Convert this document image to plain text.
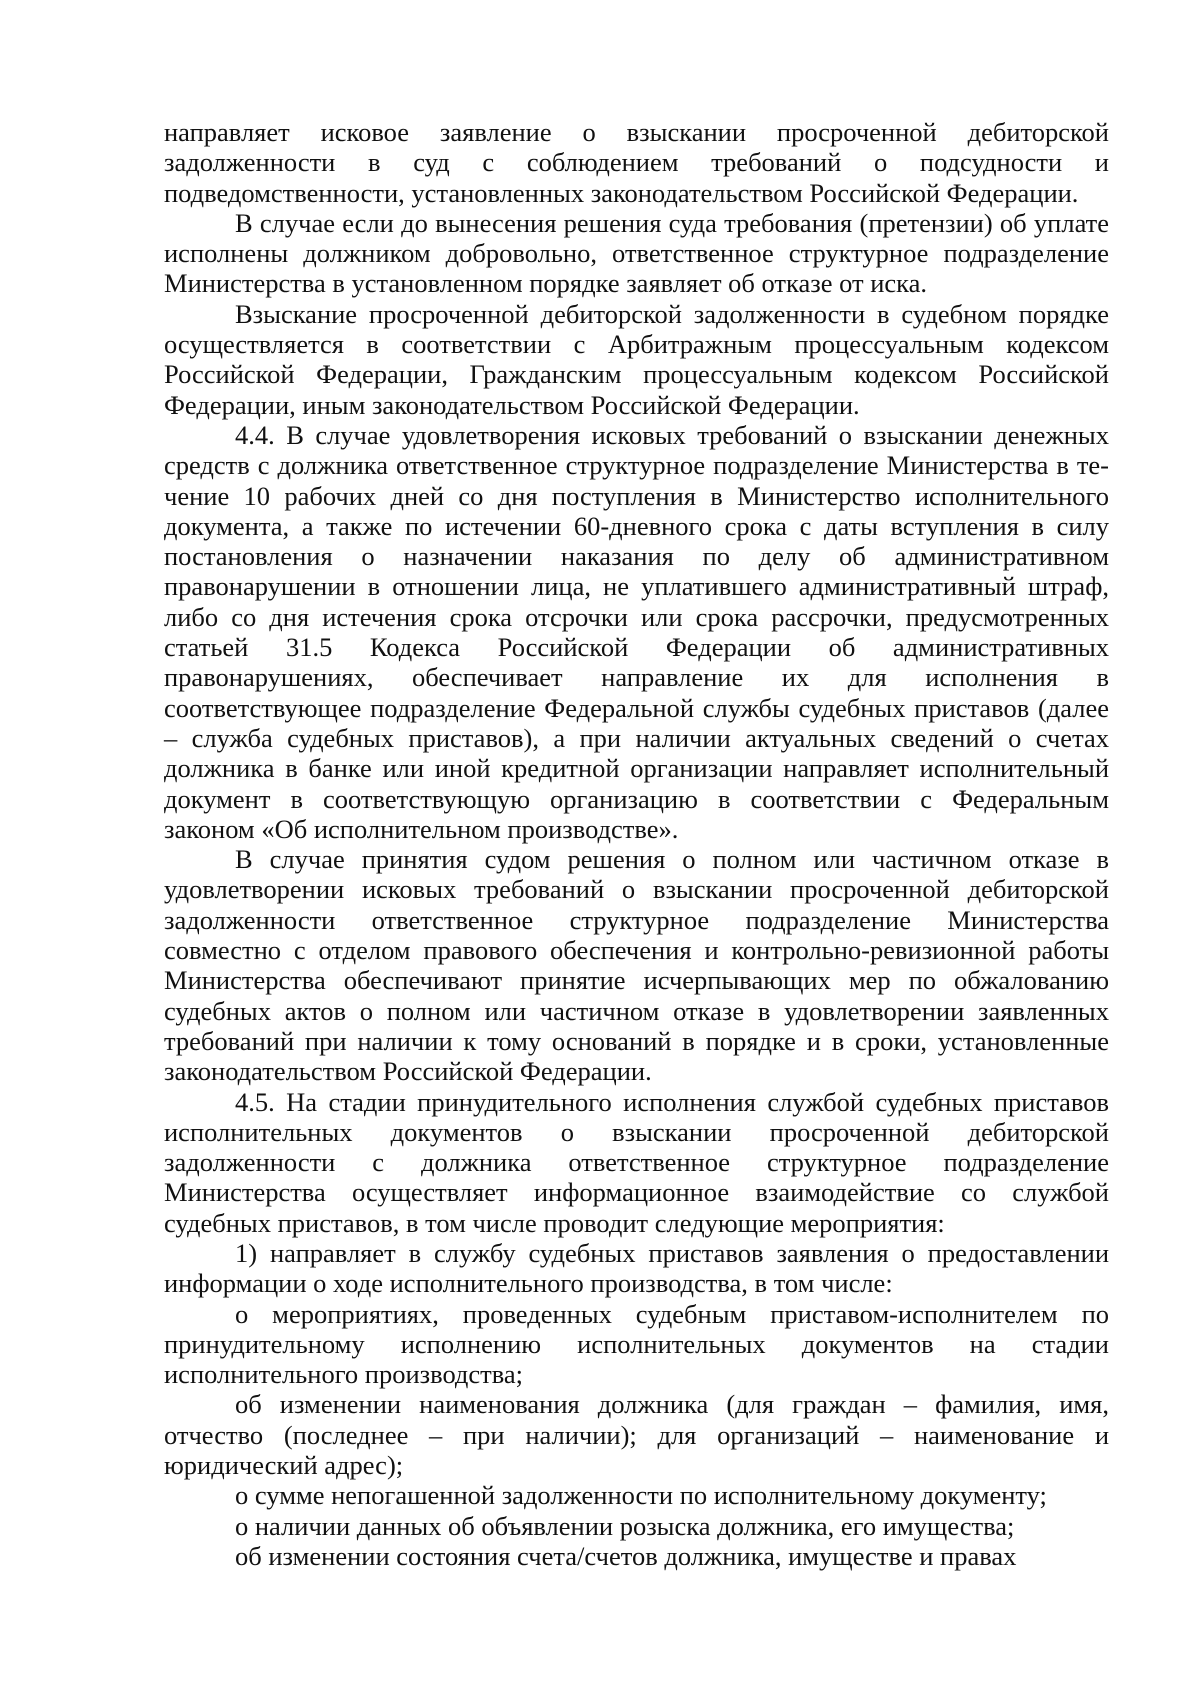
направляет исковое заявление о взыскании просроченной дебиторской задолженности в суд с соблюдением требований о подсудности и подведомственности, установленных законодательством Российской Федерации.

В случае если до вынесения решения суда требования (претензии) об уплате исполнены должником добровольно, ответственное структурное подразделение Министерства в установленном порядке заявляет об отказе от иска.

Взыскание просроченной дебиторской задолженности в судебном порядке осуществляется в соответствии с Арбитражным процессуальным кодексом Российской Федерации, Гражданским процессуальным кодексом Российской Федерации, иным законодательством Российской Федерации.

4.4. В случае удовлетворения исковых требований о взыскании денежных средств с должника ответственное структурное подразделение Министерства в течение 10 рабочих дней со дня поступления в Министерство исполнительного документа, а также по истечении 60-дневного срока с даты вступления в силу постановления о назначении наказания по делу об административном правонарушении в отношении лица, не уплатившего административный штраф, либо со дня истечения срока отсрочки или срока рассрочки, предусмотренных статьей 31.5 Кодекса Российской Федерации об административных правонарушениях, обеспечивает направление их для исполнения в соответствующее подразделение Федеральной службы судебных приставов (далее – служба судебных приставов), а при наличии актуальных сведений о счетах должника в банке или иной кредитной организации направляет исполнительный документ в соответствующую организацию в соответствии с Федеральным законом «Об исполнительном производстве».

В случае принятия судом решения о полном или частичном отказе в удовлетворении исковых требований о взыскании просроченной дебиторской задолженности ответственное структурное подразделение Министерства совместно с отделом правового обеспечения и контрольно-ревизионной работы Министерства обеспечивают принятие исчерпывающих мер по обжалованию судебных актов о полном или частичном отказе в удовлетворении заявленных требований при наличии к тому оснований в порядке и в сроки, установленные законодательством Российской Федерации.

4.5. На стадии принудительного исполнения службой судебных приставов исполнительных документов о взыскании просроченной дебиторской задолженности с должника ответственное структурное подразделение Министерства осуществляет информационное взаимодействие со службой судебных приставов, в том числе проводит следующие мероприятия:

1) направляет в службу судебных приставов заявления о предоставлении информации о ходе исполнительного производства, в том числе:

о мероприятиях, проведенных судебным приставом-исполнителем по принудительному исполнению исполнительных документов на стадии исполнительного производства;

об изменении наименования должника (для граждан – фамилия, имя, отчество (последнее – при наличии); для организаций – наименование и юридический адрес);

о сумме непогашенной задолженности по исполнительному документу;

о наличии данных об объявлении розыска должника, его имущества;

об изменении состояния счета/счетов должника, имуществе и правах
